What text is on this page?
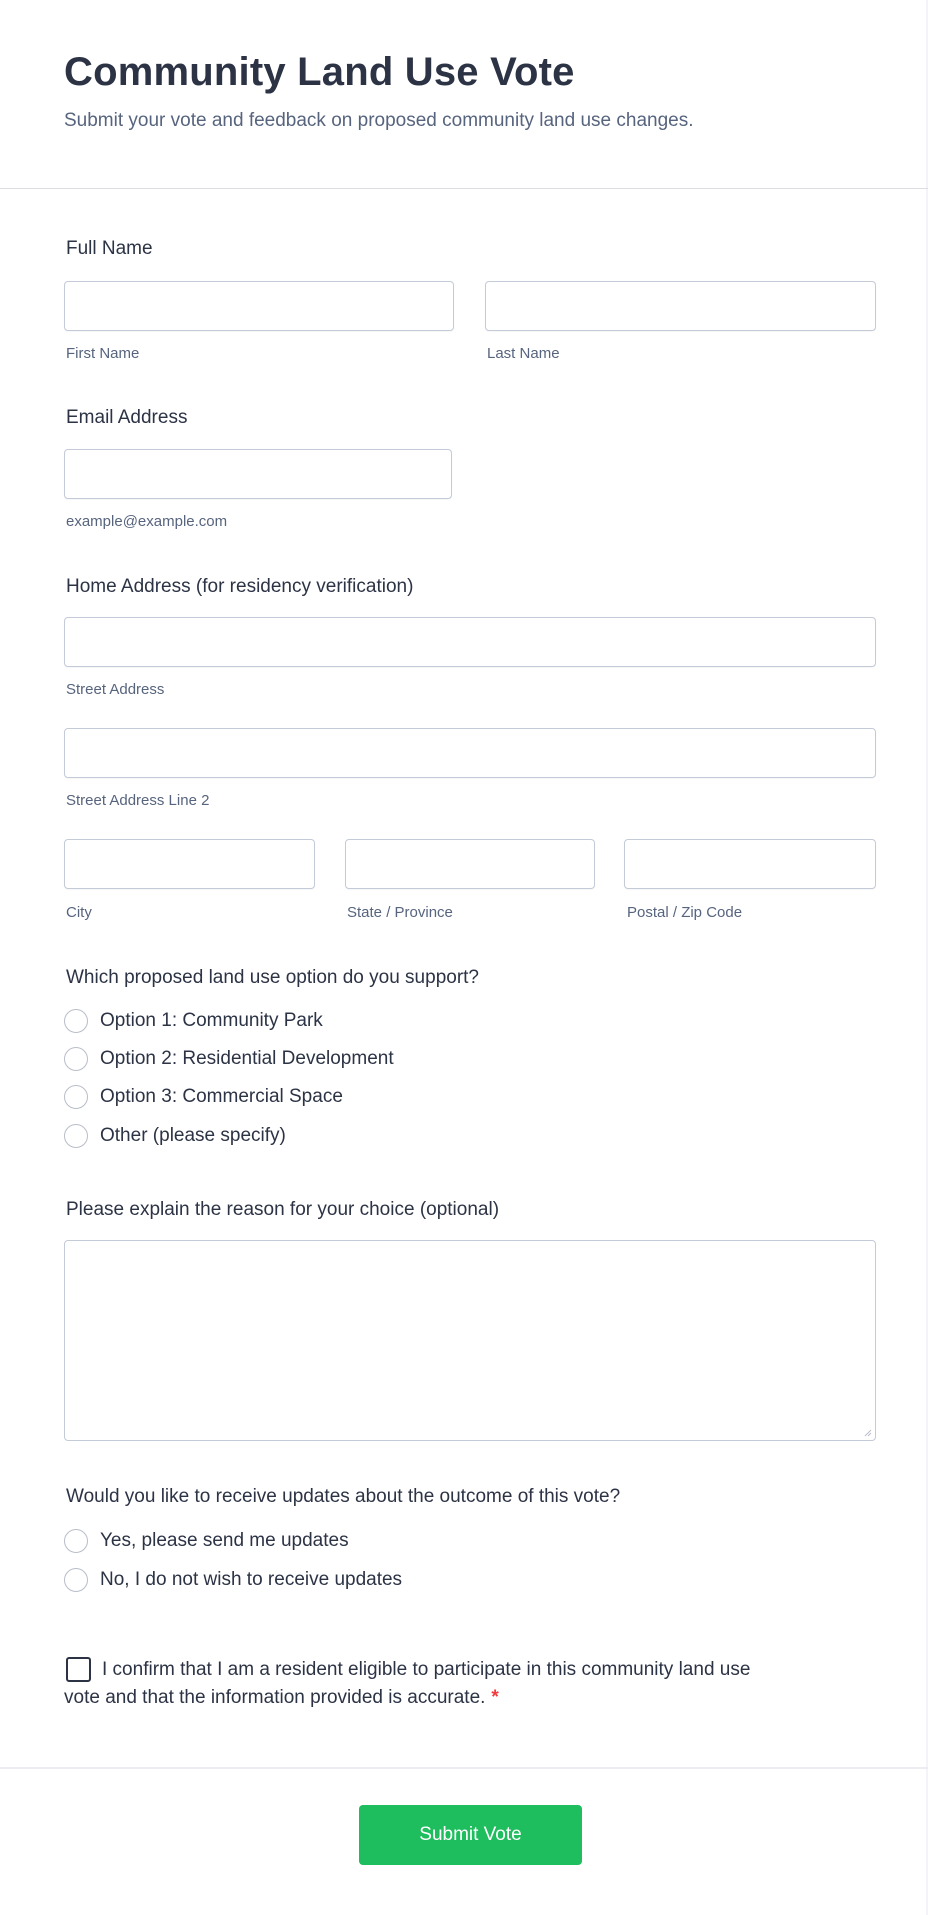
Community Land Use Vote

Submit your vote and feedback on proposed community land use changes.

Full Name
First Name	Last Name
Email Address
example@example.com
Home Address (for residency verification)
Street Address
Street Address Line 2
City	State / Province	Postal / Zip Code
Which proposed land use option do you support?
Option 1: Community Park
Option 2: Residential Development
Option 3: Commercial Space
Other (please specify)
Please explain the reason for your choice (optional)
Would you like to receive updates about the outcome of this vote?
Yes, please send me updates
No, I do not wish to receive updates
I confirm that I am a resident eligible to participate in this community land use vote and that the information provided is accurate. *
Submit Vote
